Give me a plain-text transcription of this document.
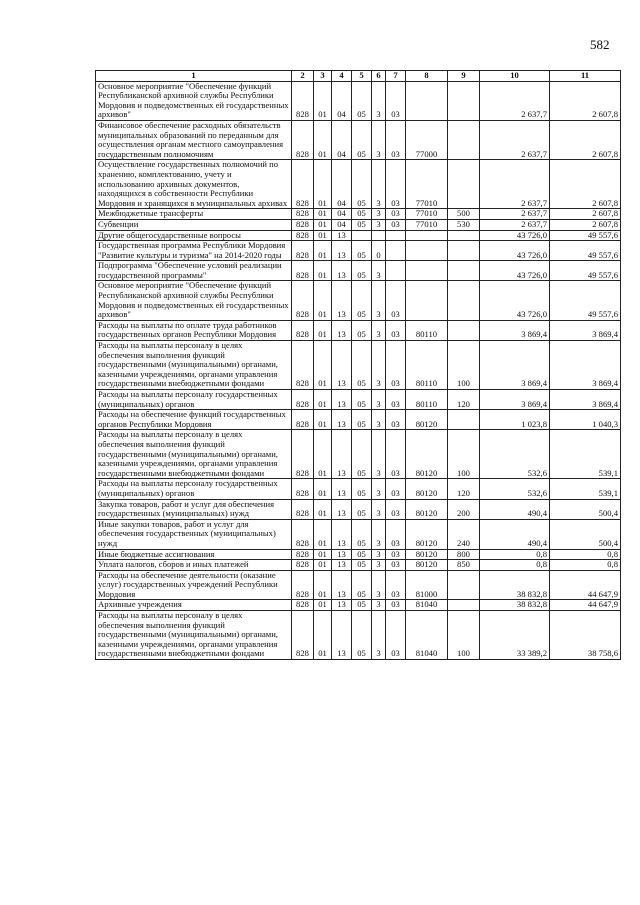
582
1	2	3	4	5	6	7	8	9	10	11
Основное мероприятие "Обеспечение функций Республиканской архивной службы Республики Мордовия и подведомственных ей государственных архивов"	828	01	04	05	3	03			2 637,7	2 607,8
Финансовое обеспечение расходных обязательств муниципальных образований по переданным для осуществления органам местного самоуправления государственным полномочиям	828	01	04	05	3	03	77000		2 637,7	2 607,8
Осуществление государственных полномочий по хранению, комплектованию, учету и использованию архивных документов, находящихся в собственности Республики Мордовия и хранящихся в муниципальных архивах	828	01	04	05	3	03	77010		2 637,7	2 607,8
Межбюджетные трансферты	828	01	04	05	3	03	77010	500	2 637,7	2 607,8
Субвенции	828	01	04	05	3	03	77010	530	2 637,7	2 607,8
Другие общегосударственные вопросы	828	01	13						43 726,0	49 557,6
Государственная программа Республики Мордовия "Развитие культуры и туризма" на 2014-2020 годы	828	01	13	05	0				43 726,0	49 557,6
Подпрограмма "Обеспечение условий реализации государственной программы"	828	01	13	05	3				43 726,0	49 557,6
Основное мероприятие "Обеспечение функций Республиканской архивной службы Республики Мордовия и подведомственных ей государственных архивов"	828	01	13	05	3	03			43 726,0	49 557,6
Расходы на выплаты по оплате труда работников государственных органов Республики Мордовия	828	01	13	05	3	03	80110		3 869,4	3 869,4
Расходы на выплаты персоналу в целях обеспечения выполнения функций государственными (муниципальными) органами, казенными учреждениями, органами управления государственными внебюджетными фондами	828	01	13	05	3	03	80110	100	3 869,4	3 869,4
Расходы на выплаты персоналу государственных (муниципальных) органов	828	01	13	05	3	03	80110	120	3 869,4	3 869,4
Расходы на обеспечение функций государственных органов Республики Мордовия	828	01	13	05	3	03	80120		1 023,8	1 040,3
Расходы на выплаты персоналу в целях обеспечения выполнения функций государственными (муниципальными) органами, казенными учреждениями, органами управления государственными внебюджетными фондами	828	01	13	05	3	03	80120	100	532,6	539,1
Расходы на выплаты персоналу государственных (муниципальных) органов	828	01	13	05	3	03	80120	120	532,6	539,1
Закупка товаров, работ и услуг для обеспечения государственных (муниципальных) нужд	828	01	13	05	3	03	80120	200	490,4	500,4
Иные закупки товаров, работ и услуг для обеспечения государственных (муниципальных) нужд	828	01	13	05	3	03	80120	240	490,4	500,4
Иные бюджетные ассигнования	828	01	13	05	3	03	80120	800	0,8	0,8
Уплата налогов, сборов и иных платежей	828	01	13	05	3	03	80120	850	0,8	0,8
Расходы на обеспечение деятельности (оказание услуг) государственных учреждений Республики Мордовия	828	01	13	05	3	03	81000		38 832,8	44 647,9
Архивные учреждения	828	01	13	05	3	03	81040		38 832,8	44 647,9
Расходы на выплаты персоналу в целях обеспечения выполнения функций государственными (муниципальными) органами, казенными учреждениями, органами управления государственными внебюджетными фондами	828	01	13	05	3	03	81040	100	33 389,2	38 758,6
